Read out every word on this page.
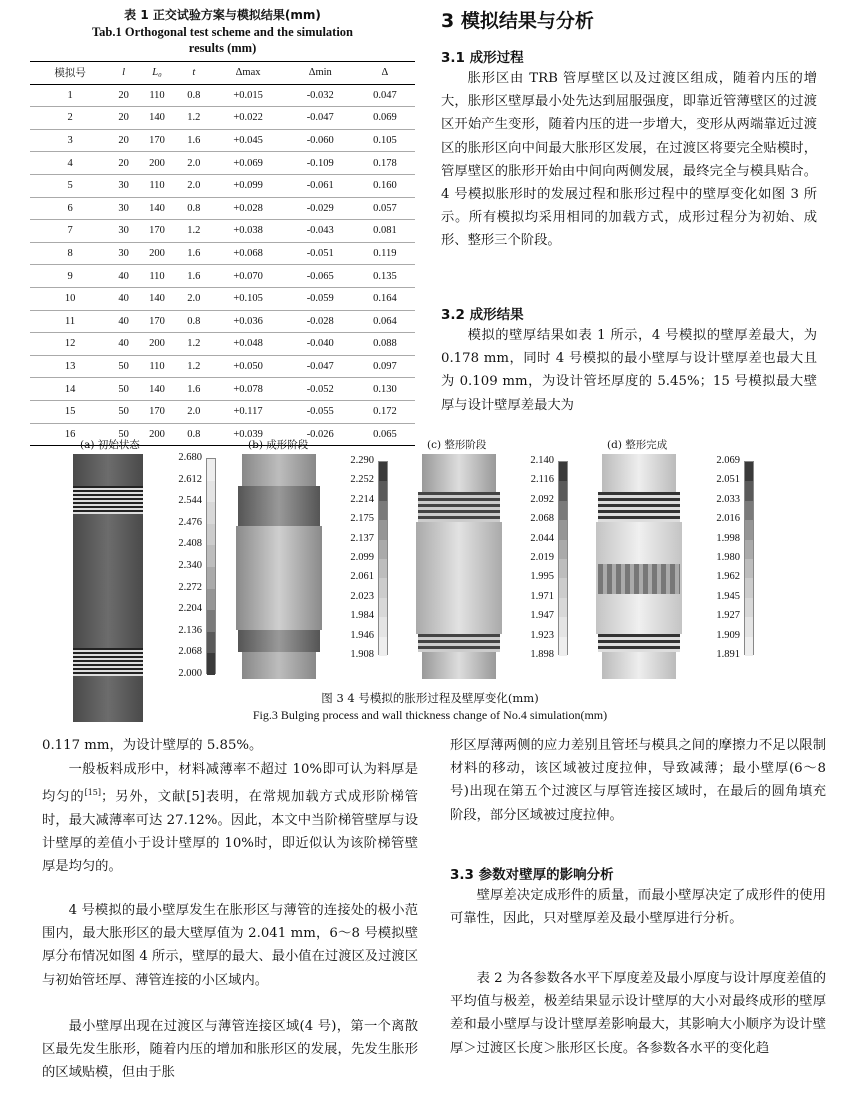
表 1 正交试验方案与模拟结果(mm)
Tab.1 Orthogonal test scheme and the simulation
results (mm)
模拟号	l	L₀	t	Δmax	Δmin	Δ
1	20	110	0.8	+0.015	-0.032	0.047
2	20	140	1.2	+0.022	-0.047	0.069
3	20	170	1.6	+0.045	-0.060	0.105
4	20	200	2.0	+0.069	-0.109	0.178
5	30	110	2.0	+0.099	-0.061	0.160
6	30	140	0.8	+0.028	-0.029	0.057
7	30	170	1.2	+0.038	-0.043	0.081
8	30	200	1.6	+0.068	-0.051	0.119
9	40	110	1.6	+0.070	-0.065	0.135
10	40	140	2.0	+0.105	-0.059	0.164
11	40	170	0.8	+0.036	-0.028	0.064
12	40	200	1.2	+0.048	-0.040	0.088
13	50	110	1.2	+0.050	-0.047	0.097
14	50	140	1.6	+0.078	-0.052	0.130
15	50	170	2.0	+0.117	-0.055	0.172
16	50	200	0.8	+0.039	-0.026	0.065
3 模拟结果与分析
3.1 成形过程
胀形区由 TRB 管厚壁区以及过渡区组成，随着内压的增大，胀形区壁厚最小处先达到屈服强度，即靠近管薄壁区的过渡区开始产生变形，随着内压的进一步增大，变形从两端靠近过渡区的胀形区向中间最大胀形区发展，在过渡区将要完全贴模时，管厚壁区的胀形开始由中间向两侧发展，最终完全与模具贴合。4 号模拟胀形时的发展过程和胀形过程中的壁厚变化如图 3 所示。所有模拟均采用相同的加载方式，成形过程分为初始、成形、整形三个阶段。
3.2 成形结果
模拟的壁厚结果如表 1 所示，4 号模拟的壁厚差最大，为 0.178 mm，同时 4 号模拟的最小壁厚与设计壁厚差也最大且为 0.109 mm，为设计管坯厚度的 5.45%；15 号模拟最大壁厚与设计壁厚差最大为
(a) 初始状态	(b) 成形阶段	(c) 整形阶段	(d) 整形完成
2.680
2.612
2.544
2.476
2.408
2.340
2.272
2.204
2.136
2.068
2.000
2.290
2.252
2.214
2.175
2.137
2.099
2.061
2.023
1.984
1.946
1.908
2.140
2.116
2.092
2.068
2.044
2.019
1.995
1.971
1.947
1.923
1.898
2.069
2.051
2.033
2.016
1.998
1.980
1.962
1.945
1.927
1.909
1.891
图 3 4 号模拟的胀形过程及壁厚变化(mm)
Fig.3 Bulging process and wall thickness change of No.4 simulation(mm)
0.117 mm，为设计壁厚的 5.85%。
一般板料成形中，材料减薄率不超过 10%即可认为料厚是均匀的[15]；另外，文献[5]表明，在常规加载方式成形阶梯管时，最大减薄率可达 27.12%。因此，本文中当阶梯管壁厚与设计壁厚的差值小于设计壁厚的 10%时，即近似认为该阶梯管壁厚是均匀的。
4 号模拟的最小壁厚发生在胀形区与薄管的连接处的极小范围内，最大胀形区的最大壁厚值为 2.041 mm，6～8 号模拟壁厚分布情况如图 4 所示，壁厚的最大、最小值在过渡区及过渡区与初始管坯厚、薄管连接的小区域内。
最小壁厚出现在过渡区与薄管连接区域(4 号)，第一个离散区最先发生胀形，随着内压的增加和胀形区的发展，先发生胀形的区域贴模，但由于胀
形区厚薄两侧的应力差别且管坯与模具之间的摩擦力不足以限制材料的移动，该区域被过度拉伸，导致减薄；最小壁厚(6～8 号)出现在第五个过渡区与厚管连接区域时，在最后的圆角填充阶段，部分区域被过度拉伸。
3.3 参数对壁厚的影响分析
壁厚差决定成形件的质量，而最小壁厚决定了成形件的使用可靠性，因此，只对壁厚差及最小壁厚进行分析。
表 2 为各参数各水平下厚度差及最小厚度与设计厚度差值的平均值与极差，极差结果显示设计壁厚的大小对最终成形的壁厚差和最小壁厚与设计壁厚差影响最大，其影响大小顺序为设计壁厚＞过渡区长度＞胀形区长度。各参数各水平的变化趋
